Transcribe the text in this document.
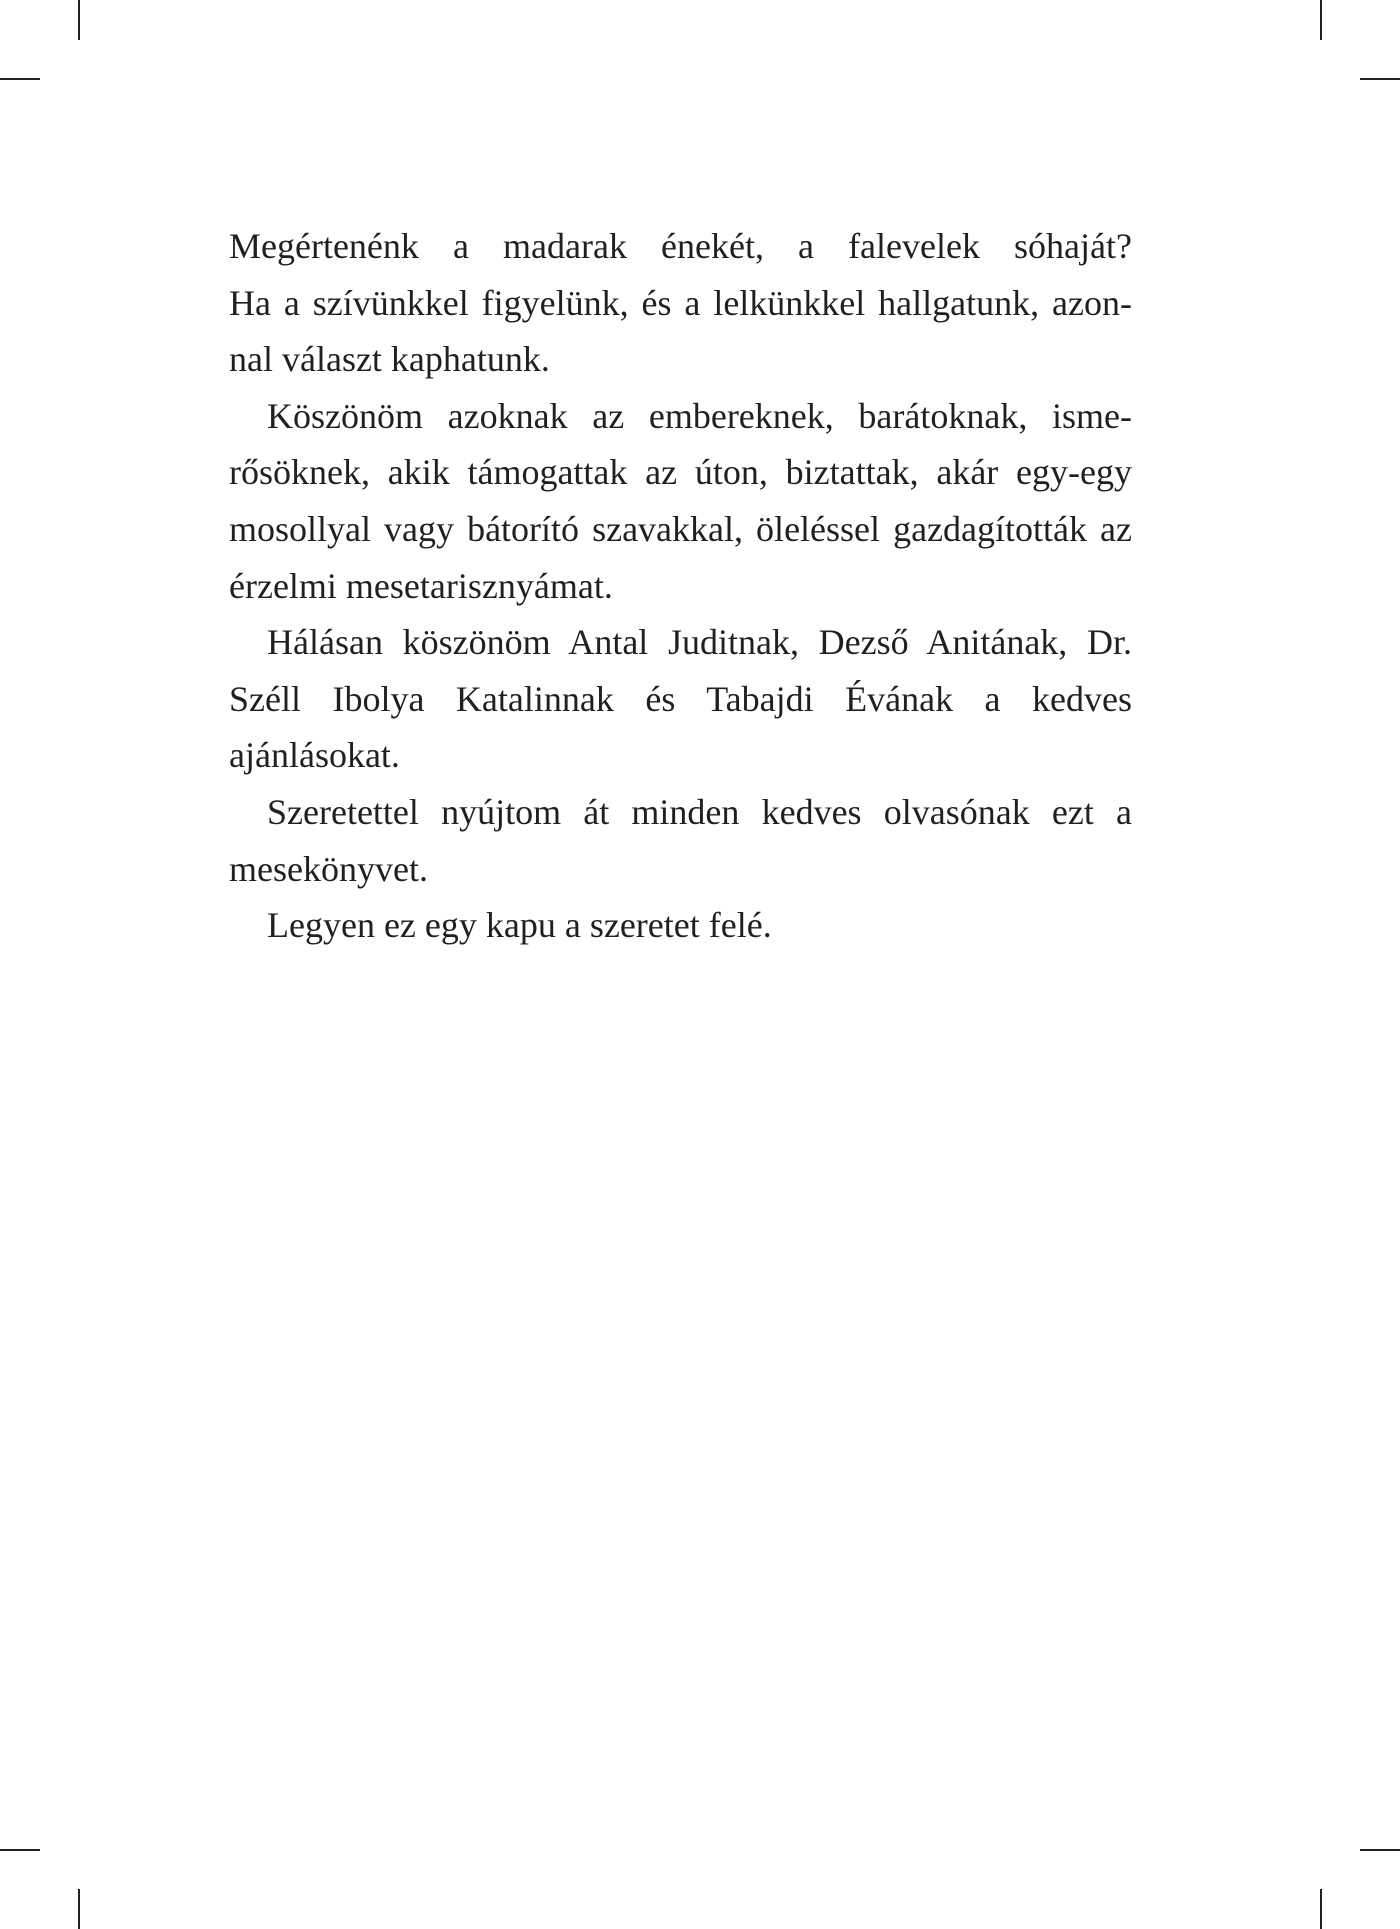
Megértenénk a madarak énekét, a falevelek sóhaját?
Ha a szívünkkel figyelünk, és a lelkünkkel hallgatunk, azon-
nal választ kaphatunk.
Köszönöm azoknak az embereknek, barátoknak, isme-
rősöknek, akik támogattak az úton, biztattak, akár egy-egy
mosollyal vagy bátorító szavakkal, öleléssel gazdagították az
érzelmi mesetarisznyámat.
Hálásan köszönöm Antal Juditnak, Dezső Anitának, Dr.
Széll Ibolya Katalinnak és Tabajdi Évának a kedves ajánlásokat.
Szeretettel nyújtom át minden kedves olvasónak ezt a
mesekönyvet.
Legyen ez egy kapu a szeretet felé.
